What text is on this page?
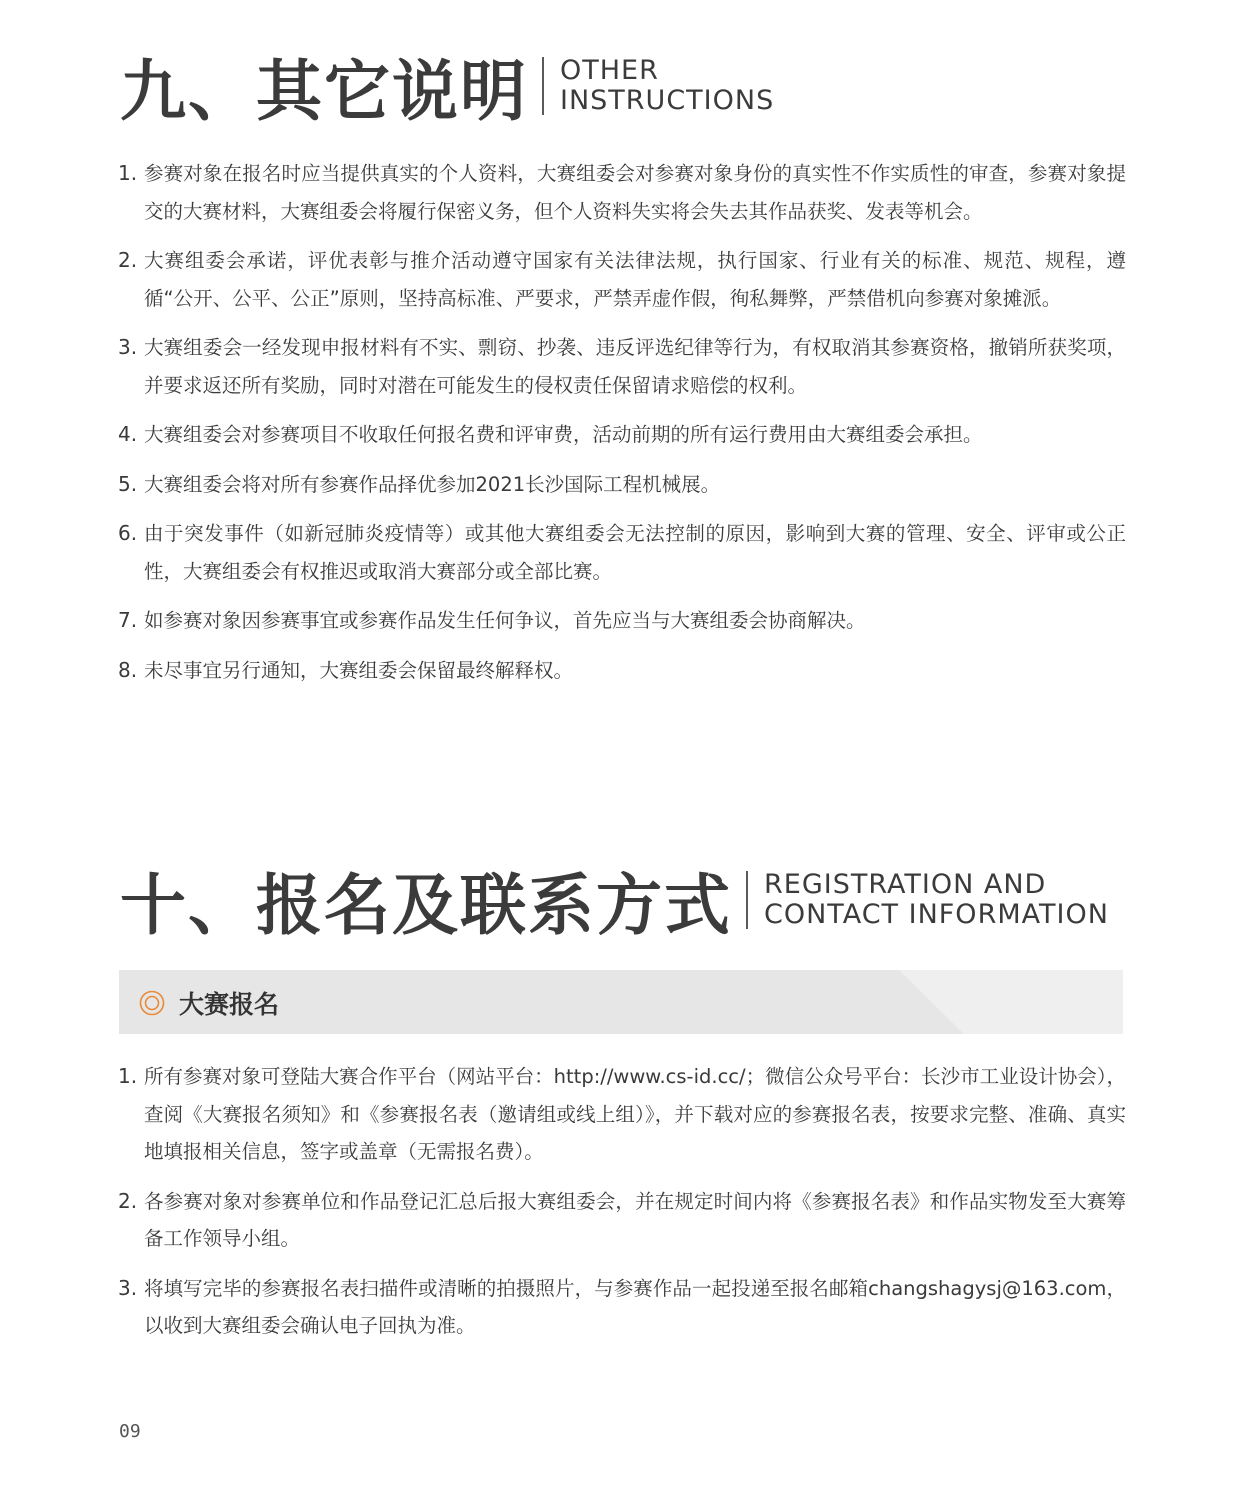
九、其它说明 OTHER
INSTRUCTIONS
1. 参赛对象在报名时应当提供真实的个人资料，大赛组委会对参赛对象身份的真实性不作实质性的审查，参赛对象提交的大赛材料，大赛组委会将履行保密义务，但个人资料失实将会失去其作品获奖、发表等机会。
2. 大赛组委会承诺，评优表彰与推介活动遵守国家有关法律法规，执行国家、行业有关的标准、规范、规程，遵循“公开、公平、公正”原则，坚持高标准、严要求，严禁弄虚作假，徇私舞弊，严禁借机向参赛对象摊派。
3. 大赛组委会一经发现申报材料有不实、剽窃、抄袭、违反评选纪律等行为，有权取消其参赛资格，撤销所获奖项，并要求返还所有奖励，同时对潜在可能发生的侵权责任保留请求赔偿的权利。
4. 大赛组委会对参赛项目不收取任何报名费和评审费，活动前期的所有运行费用由大赛组委会承担。
5. 大赛组委会将对所有参赛作品择优参加2021长沙国际工程机械展。
6. 由于突发事件（如新冠肺炎疫情等）或其他大赛组委会无法控制的原因，影响到大赛的管理、安全、评审或公正性，大赛组委会有权推迟或取消大赛部分或全部比赛。
7. 如参赛对象因参赛事宜或参赛作品发生任何争议，首先应当与大赛组委会协商解决。
8. 未尽事宜另行通知，大赛组委会保留最终解释权。
十、报名及联系方式 REGISTRATION AND
CONTACT INFORMATION
大赛报名
1. 所有参赛对象可登陆大赛合作平台（网站平台：http://www.cs-id.cc/；微信公众号平台：长沙市工业设计协会），查阅《大赛报名须知》和《参赛报名表（邀请组或线上组）》，并下载对应的参赛报名表，按要求完整、准确、真实地填报相关信息，签字或盖章（无需报名费）。
2. 各参赛对象对参赛单位和作品登记汇总后报大赛组委会，并在规定时间内将《参赛报名表》和作品实物发至大赛筹备工作领导小组。
3. 将填写完毕的参赛报名表扫描件或清晰的拍摄照片，与参赛作品一起投递至报名邮箱changshagysj@163.com，以收到大赛组委会确认电子回执为准。
09
